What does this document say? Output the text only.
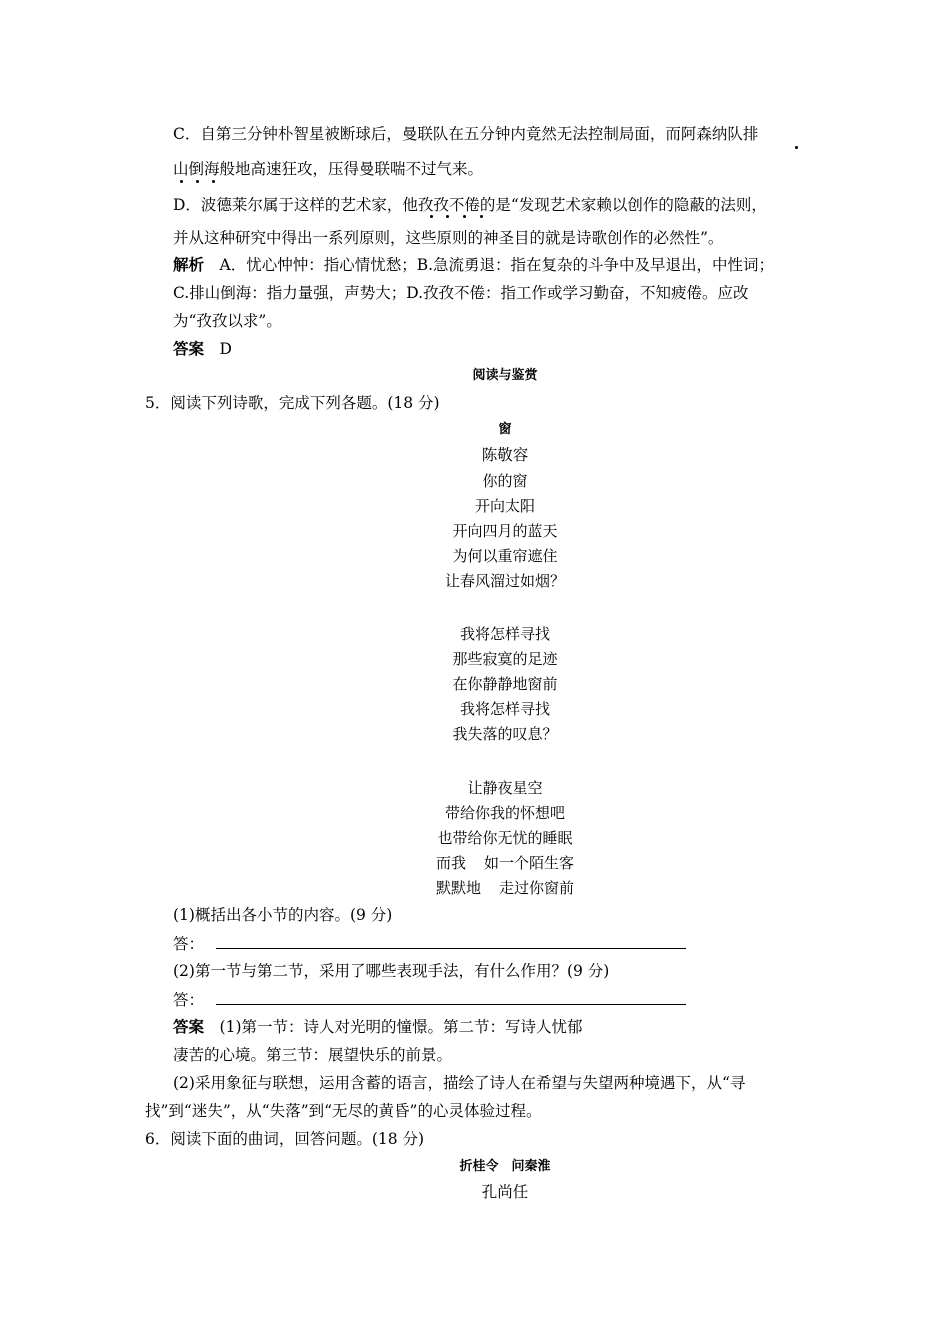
C．自第三分钟朴智星被断球后，曼联队在五分钟内竟然无法控制局面，而阿森纳队排
山倒海般地高速狂攻，压得曼联喘不过气来。
D．波德莱尔属于这样的艺术家，他孜孜不倦的是“发现艺术家赖以创作的隐蔽的法则，
并从这种研究中得出一系列原则，这些原则的神圣目的就是诗歌创作的必然性”。
解析　 A．忧心忡忡：指心情忧愁；B.急流勇退：指在复杂的斗争中及早退出，中性词；
C.排山倒海：指力量强，声势大；D.孜孜不倦：指工作或学习勤奋，不知疲倦。应改
为“孜孜以求”。
答案　 D
阅读与鉴赏
5．阅读下列诗歌，完成下列各题。(18 分)
窗
陈敬容
你的窗
开向太阳
开向四月的蓝天
为何以重帘遮住
让春风溜过如烟？
我将怎样寻找
那些寂寞的足迹
在你静静地窗前
我将怎样寻找
我失落的叹息？
让静夜星空
带给你我的怀想吧
也带给你无忧的睡眠
而我 如一个陌生客
默默地 走过你窗前
(1)概括出各小节的内容。(9 分)
答：
(2)第一节与第二节，采用了哪些表现手法，有什么作用？(9 分)
答：
答案　 (1)第一节：诗人对光明的憧憬。第二节：写诗人忧郁
凄苦的心境。第三节：展望快乐的前景。
(2)采用象征与联想，运用含蓄的语言，描绘了诗人在希望与失望两种境遇下，从“寻
找”到“迷失”，从“失落”到“无尽的黄昏”的心灵体验过程。
6．阅读下面的曲词，回答问题。(18 分)
折桂令　问秦淮
孔尚任
